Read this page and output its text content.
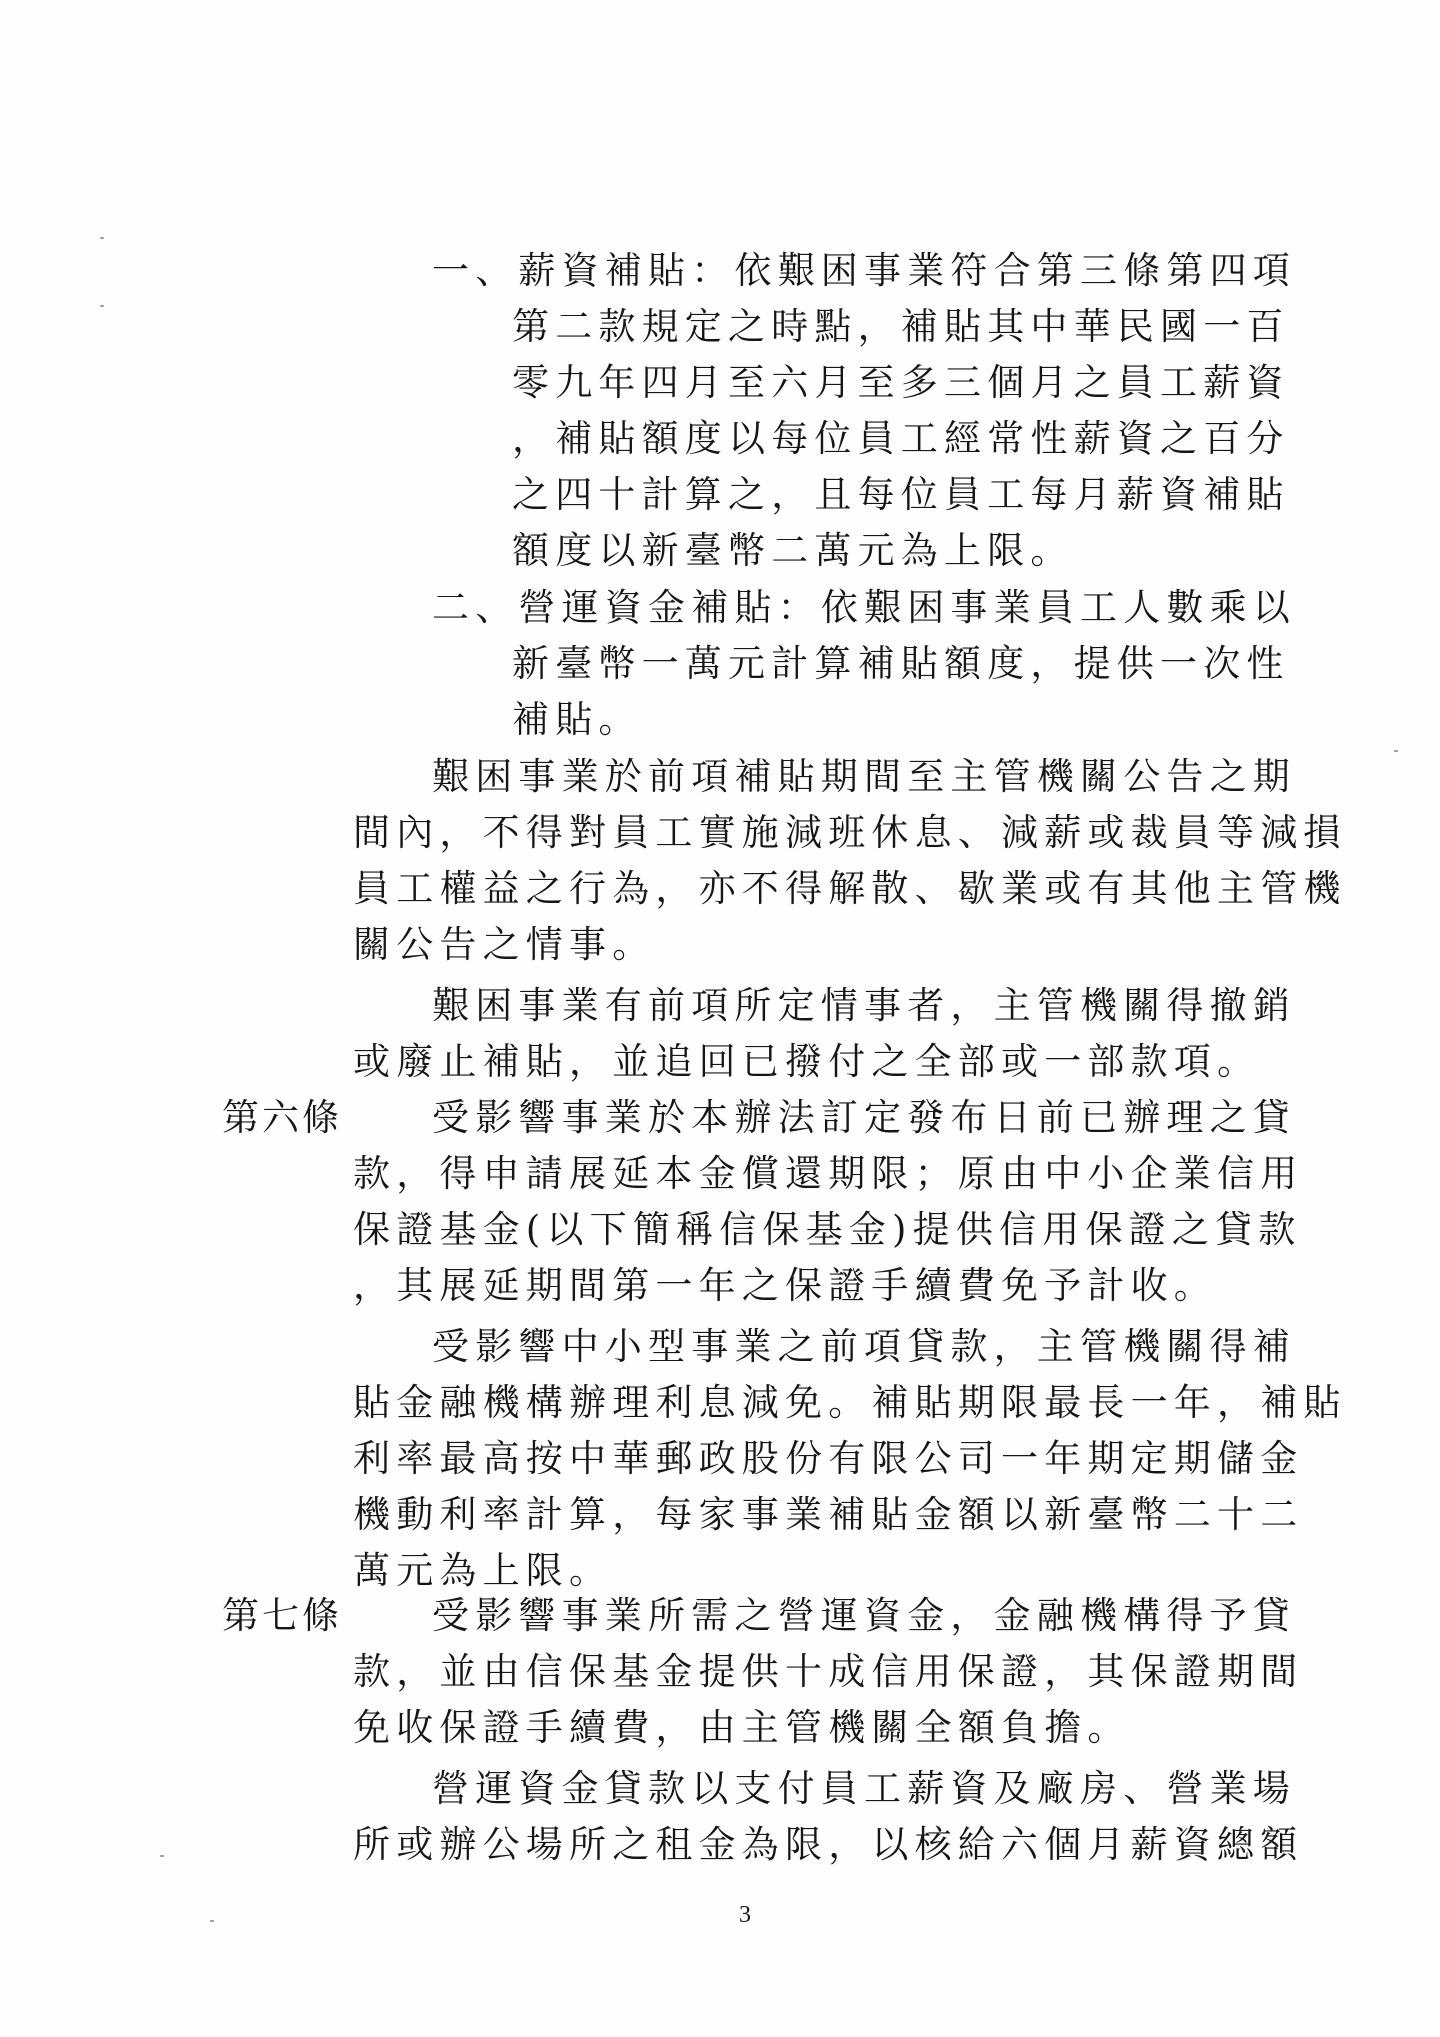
一、薪資補貼：依艱困事業符合第三條第四項
第二款規定之時點，補貼其中華民國一百
零九年四月至六月至多三個月之員工薪資
，補貼額度以每位員工經常性薪資之百分
之四十計算之，且每位員工每月薪資補貼
額度以新臺幣二萬元為上限。
二、營運資金補貼：依艱困事業員工人數乘以
新臺幣一萬元計算補貼額度，提供一次性
補貼。
艱困事業於前項補貼期間至主管機關公告之期
間內，不得對員工實施減班休息、減薪或裁員等減損
員工權益之行為，亦不得解散、歇業或有其他主管機
關公告之情事。
艱困事業有前項所定情事者，主管機關得撤銷
或廢止補貼，並追回已撥付之全部或一部款項。
第六條 受影響事業於本辦法訂定發布日前已辦理之貸
款，得申請展延本金償還期限；原由中小企業信用
保證基金(以下簡稱信保基金)提供信用保證之貸款
，其展延期間第一年之保證手續費免予計收。
受影響中小型事業之前項貸款，主管機關得補
貼金融機構辦理利息減免。補貼期限最長一年，補貼
利率最高按中華郵政股份有限公司一年期定期儲金
機動利率計算，每家事業補貼金額以新臺幣二十二
萬元為上限。
第七條 受影響事業所需之營運資金，金融機構得予貸
款，並由信保基金提供十成信用保證，其保證期間
免收保證手續費，由主管機關全額負擔。
營運資金貸款以支付員工薪資及廠房、營業場
所或辦公場所之租金為限，以核給六個月薪資總額
3
